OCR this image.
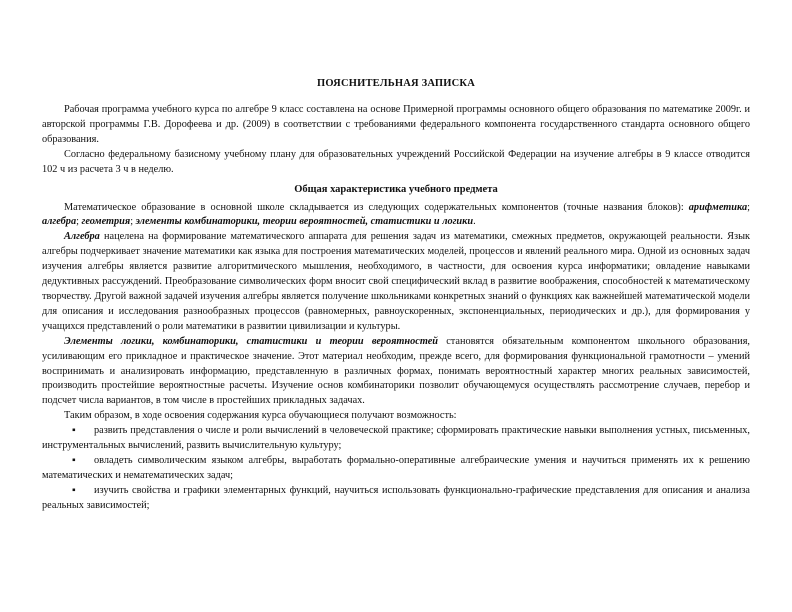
ПОЯСНИТЕЛЬНАЯ ЗАПИСКА

Рабочая программа учебного курса по алгебре 9 класс составлена на основе Примерной программы основного общего образования по математике 2009г. и авторской программы Г.В. Дорофеева и др. (2009) в соответствии с требованиями федерального компонента государственного стандарта основного общего образования.

Согласно федеральному базисному учебному плану для образовательных учреждений Российской Федерации на изучение алгебры в 9 классе отводится 102 ч из расчета 3 ч в неделю.

Общая характеристика учебного предмета

Математическое образование в основной школе складывается из следующих содержательных компонентов (точные названия блоков): арифметика; алгебра; геометрия; элементы комбинаторики, теории вероятностей, статистики и логики.

Алгебра нацелена на формирование математического аппарата для решения задач из математики, смежных предметов, окружающей реальности. Язык алгебры подчеркивает значение математики как языка для построения математических моделей, процессов и явлений реального мира. Одной из основных задач изучения алгебры является развитие алгоритмического мышления, необходимого, в частности, для освоения курса информатики; овладение навыками дедуктивных рассуждений. Преобразование символических форм вносит свой специфический вклад в развитие воображения, способностей к математическому творчеству. Другой важной задачей изучения алгебры является получение школьниками конкретных знаний о функциях как важнейшей математической модели для описания и исследования разнообразных процессов (равномерных, равноускоренных, экспоненциальных, периодических и др.), для формирования у учащихся представлений о роли математики в развитии цивилизации и культуры.

Элементы логики, комбинаторики, статистики и теории вероятностей становятся обязательным компонентом школьного образования, усиливающим его прикладное и практическое значение. Этот материал необходим, прежде всего, для формирования функциональной грамотности – умений воспринимать и анализировать информацию, представленную в различных формах, понимать вероятностный характер многих реальных зависимостей, производить простейшие вероятностные расчеты. Изучение основ комбинаторики позволит обучающемуся осуществлять рассмотрение случаев, перебор и подсчет числа вариантов, в том числе в простейших прикладных задачах.

Таким образом, в ходе освоения содержания курса обучающиеся получают возможность:

▪ развить представления о числе и роли вычислений в человеческой практике; сформировать практические навыки выполнения устных, письменных, инструментальных вычислений, развить вычислительную культуру;
▪ овладеть символическим языком алгебры, выработать формально-оперативные алгебраические умения и научиться применять их к решению математических и нематематических задач;
▪ изучить свойства и графики элементарных функций, научиться использовать функционально-графические представления для описания и анализа реальных зависимостей;
